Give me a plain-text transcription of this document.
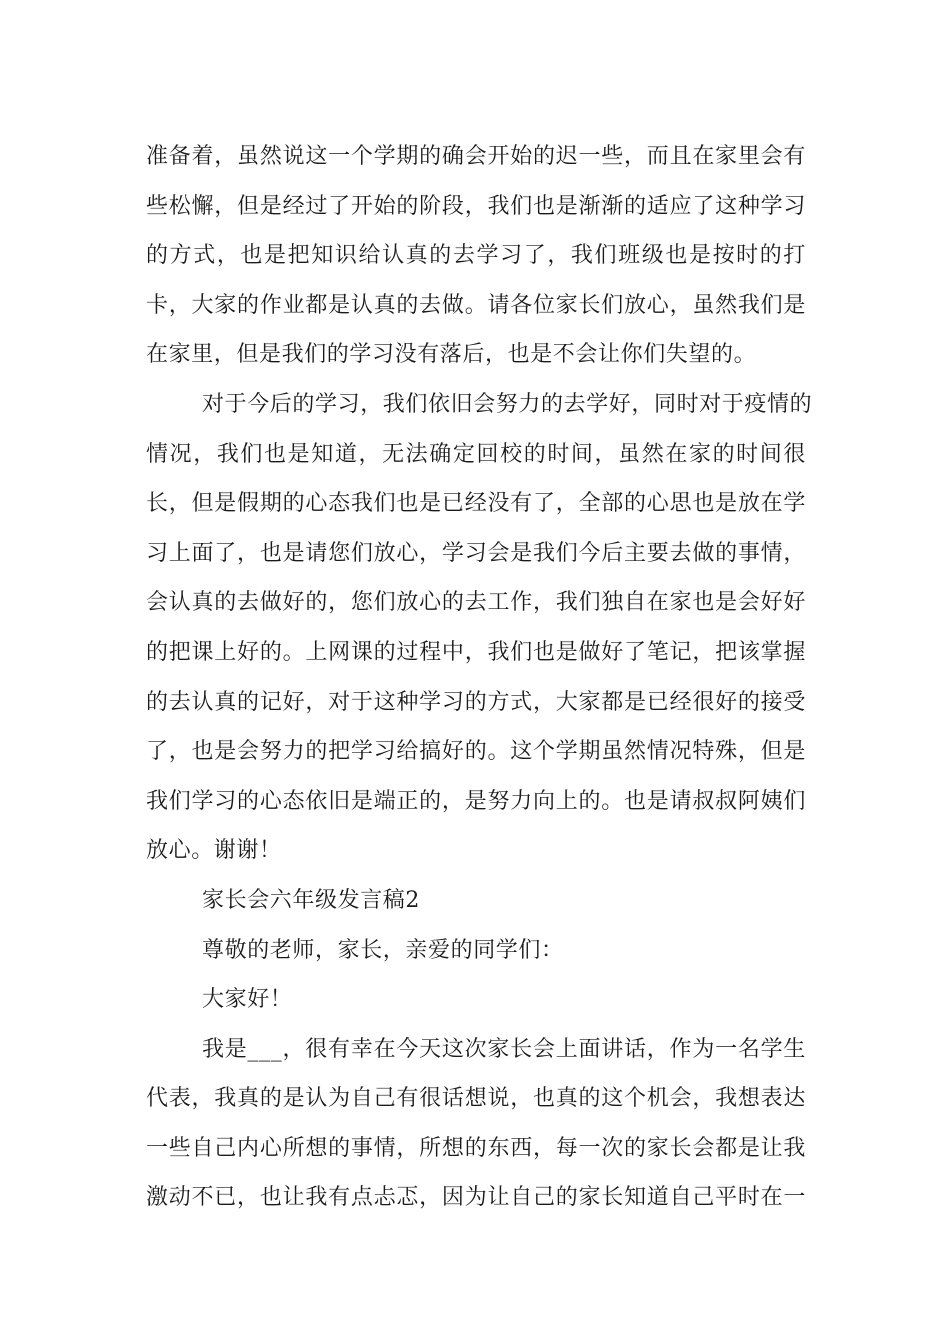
准备着，虽然说这一个学期的确会开始的迟一些，而且在家里会有
些松懈，但是经过了开始的阶段，我们也是渐渐的适应了这种学习
的方式，也是把知识给认真的去学习了，我们班级也是按时的打
卡，大家的作业都是认真的去做。请各位家长们放心，虽然我们是
在家里，但是我们的学习没有落后，也是不会让你们失望的。

对于今后的学习，我们依旧会努力的去学好，同时对于疫情的
情况，我们也是知道，无法确定回校的时间，虽然在家的时间很
长，但是假期的心态我们也是已经没有了，全部的心思也是放在学
习上面了，也是请您们放心，学习会是我们今后主要去做的事情，
会认真的去做好的，您们放心的去工作，我们独自在家也是会好好
的把课上好的。上网课的过程中，我们也是做好了笔记，把该掌握
的去认真的记好，对于这种学习的方式，大家都是已经很好的接受
了，也是会努力的把学习给搞好的。这个学期虽然情况特殊，但是
我们学习的心态依旧是端正的，是努力向上的。也是请叔叔阿姨们
放心。谢谢！

家长会六年级发言稿2

尊敬的老师，家长，亲爱的同学们：

大家好！

我是___，很有幸在今天这次家长会上面讲话，作为一名学生
代表，我真的是认为自己有很话想说，也真的这个机会，我想表达
一些自己内心所想的事情，所想的东西，每一次的家长会都是让我
激动不已，也让我有点忐忑，因为让自己的家长知道自己平时在一
